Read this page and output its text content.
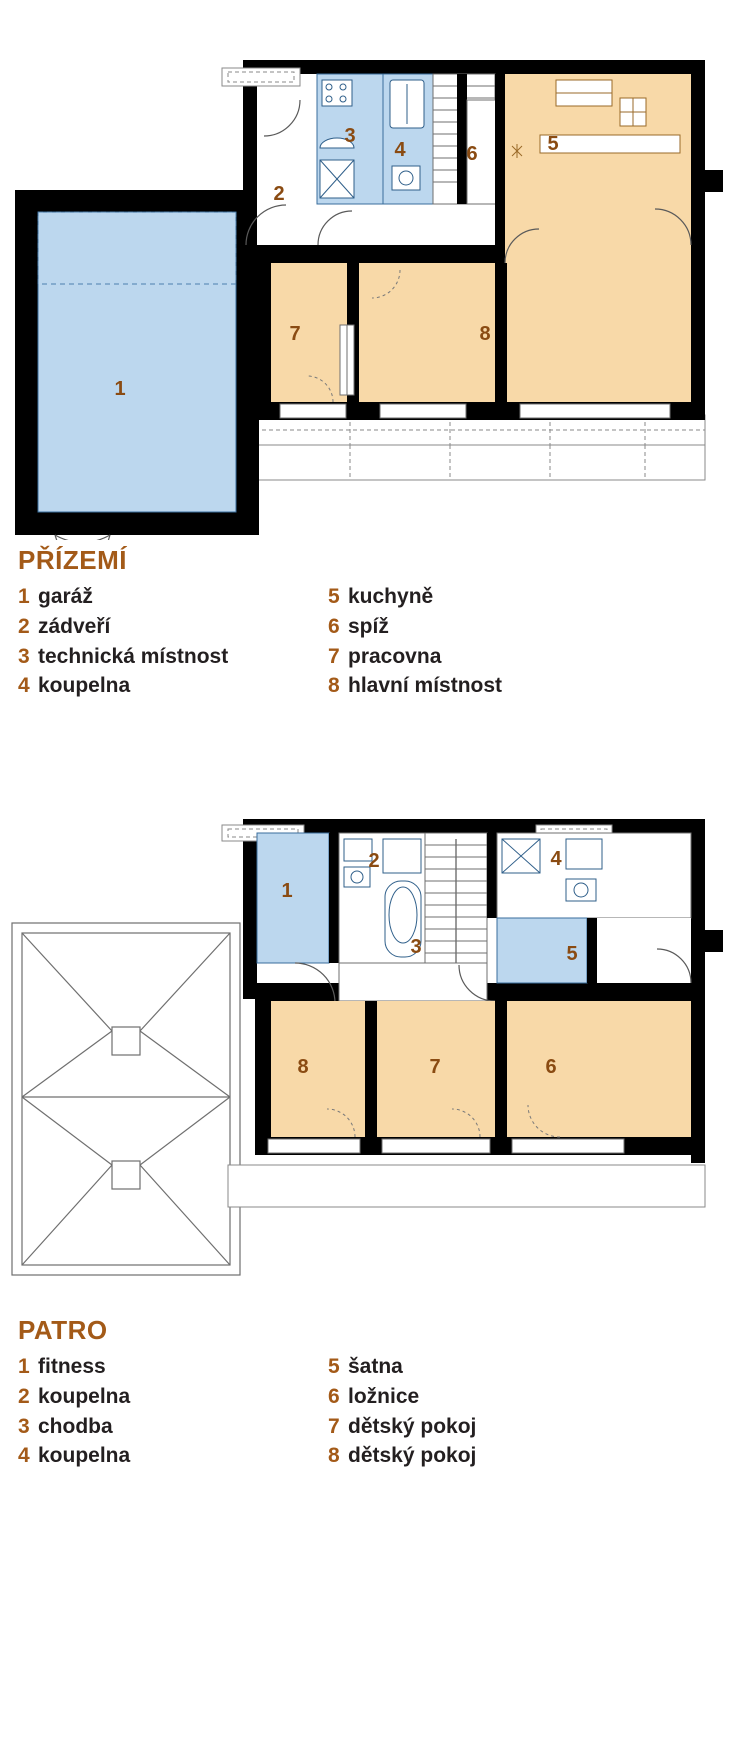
1
2
3
4	5
6
7	8
PŘÍZEMÍ
1 garáž
2 zádveří
3 technická místnost
4 koupelna
5 kuchyně
6 spíž
7 pracovna
8 hlavní místnost
1
2
3
4
5
6
7
8
PATRO
1 fitness
2 koupelna
3 chodba
4 koupelna
5 šatna
6 ložnice
7 dětský pokoj
8 dětský pokoj
